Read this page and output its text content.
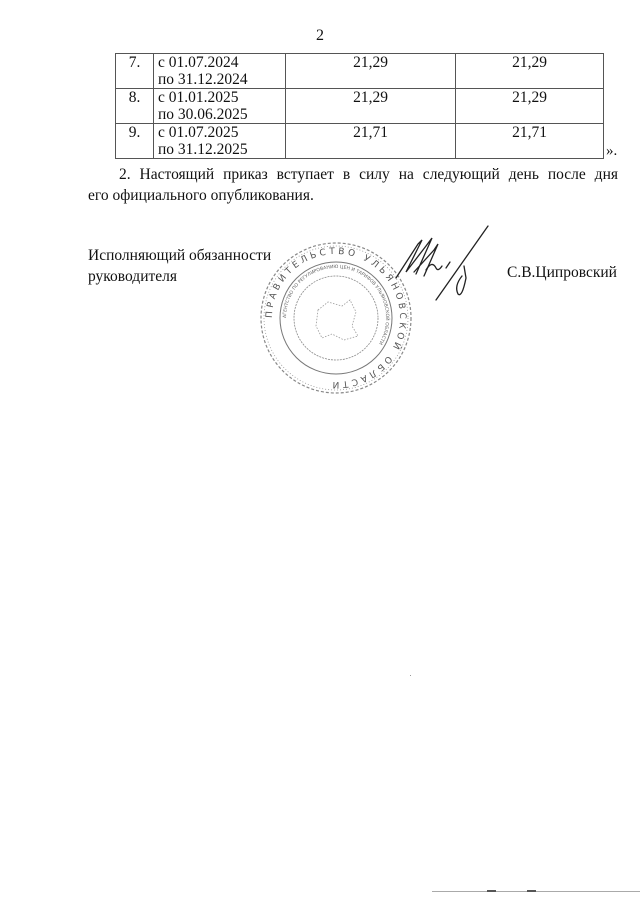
2
7.	с 01.07.2024
по 31.12.2024	21,29	21,29
8.	с 01.01.2025
по 30.06.2025	21,29	21,29
9.	с 01.07.2025
по 31.12.2025	21,71	21,71
».
2. Настоящий приказ вступает в силу на следующий день после дня
его официального опубликования.
Исполняющий обязанности
руководителя
ПРАВИТЕЛЬСТВО УЛЬЯНОВСКОЙ ОБЛАСТИ
АГЕНТСТВО ПО РЕГУЛИРОВАНИЮ ЦЕН И ТАРИФОВ УЛЬЯНОВСКОЙ ОБЛАСТИ
С.В.Ципровский
